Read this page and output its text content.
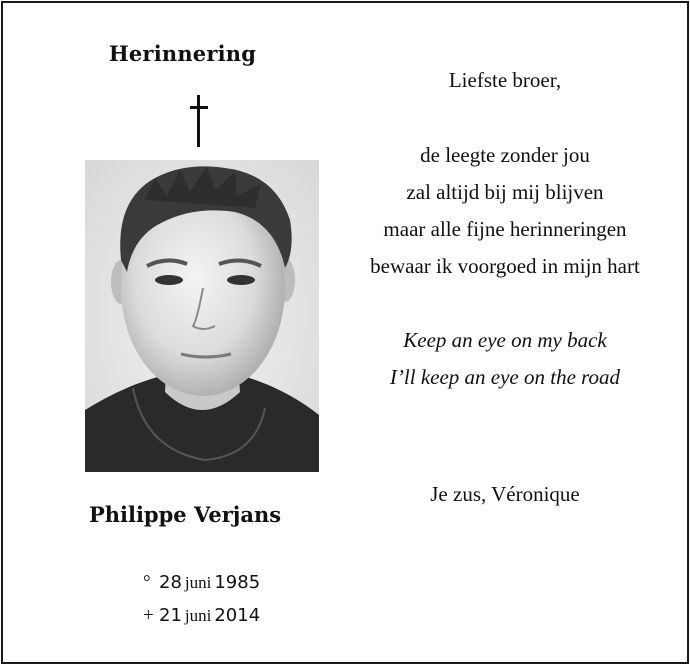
Herinnering
Philippe Verjans
° 28 juni 1985
+ 21 juni 2014
Liefste broer,
de leegte zonder jou
zal altijd bij mij blijven
maar alle fijne herinneringen
bewaar ik voorgoed in mijn hart
Keep an eye on my back
I’ll keep an eye on the road
Je zus, Véronique
